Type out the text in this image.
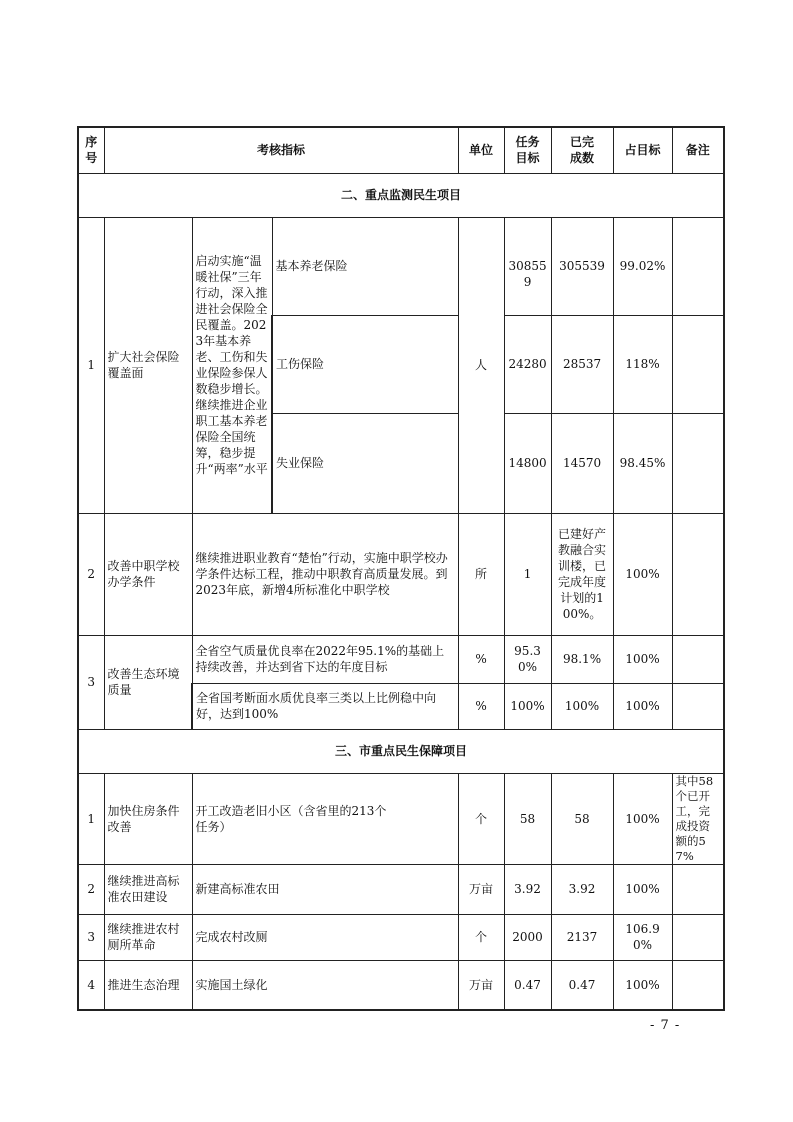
序号	考核指标			单位	任务目标	已完成数	占目标	备注
二、重点监测民生项目								
1	扩大社会保险覆盖面	启动实施“温暖社保”三年行动，深入推进社会保险全民覆盖。2023年基本养老、工伤和失业保险参保人数稳步增长。继续推进企业职工基本养老保险全国统筹，稳步提升“两率”水平	基本养老保险	人	308559	305539	99.02%	
			工伤保险		24280	28537	118%	
			失业保险		14800	14570	98.45%	
2	改善中职学校办学条件	继续推进职业教育“楚怡”行动，实施中职学校办学条件达标工程，推动中职教育高质量发展。到2023年底，新增4所标准化中职学校		所	1	已建好产教融合实训楼，已完成年度计划的100%。	100%	
3	改善生态环境质量	全省空气质量优良率在2022年95.1%的基础上持续改善，并达到省下达的年度目标		%	95.30%	98.1%	100%	
		全省国考断面水质优良率三类以上比例稳中向好，达到100%		%	100%	100%	100%	
三、市重点民生保障项目								
1	加快住房条件改善	开工改造老旧小区（含省里的213个任务）		个	58	58	100%	其中58个已开工，完成投资额的57%
2	继续推进高标准农田建设	新建高标准农田		万亩	3.92	3.92	100%	
3	继续推进农村厕所革命	完成农村改厕		个	2000	2137	106.90%	
4	推进生态治理	实施国土绿化		万亩	0.47	0.47	100%	
- 7 -
